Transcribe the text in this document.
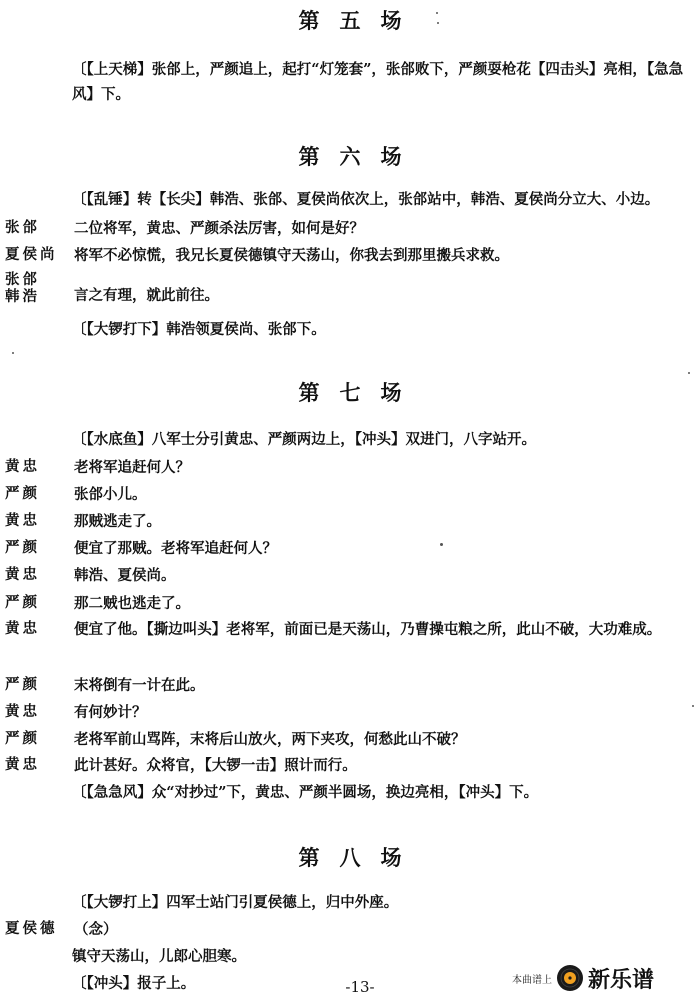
第五场
〔【上天梯】张郃上，严颜追上，起打“灯笼套”，张郃败下，严颜耍枪花【四击头】亮相，【急急风】下。
第六场
〔【乱锤】转【长尖】韩浩、张郃、夏侯尚依次上，张郃站中，韩浩、夏侯尚分立大、小边。
张郃	二位将军，黄忠、严颜杀法厉害，如何是好？
夏侯尚	将军不必惊慌，我兄长夏侯德镇守天荡山，你我去到那里搬兵求救。
张郃
韩浩	言之有理，就此前往。
〔【大锣打下】韩浩领夏侯尚、张郃下。
第七场
〔【水底鱼】八军士分引黄忠、严颜两边上，【冲头】双进门，八字站开。
黄忠	老将军追赶何人？
严颜	张郃小儿。
黄忠	那贼逃走了。
严颜	便宜了那贼。老将军追赶何人？
黄忠	韩浩、夏侯尚。
严颜	那二贼也逃走了。
黄忠	便宜了他。【撕边叫头】老将军，前面已是天荡山，乃曹操屯粮之所，此山不破，大功难成。
严颜	末将倒有一计在此。
黄忠	有何妙计？
严颜	老将军前山骂阵，末将后山放火，两下夹攻，何愁此山不破？
黄忠	此计甚好。众将官，【大锣一击】照计而行。
〔【急急风】众“对抄过”下，黄忠、严颜半圆场，换边亮相，【冲头】下。
第八场
〔【大锣打上】四军士站门引夏侯德上，归中外座。
夏侯德	（念）
镇守天荡山，儿郎心胆寒。
〔【冲头】报子上。	-13-	本曲谱上 新乐谱
